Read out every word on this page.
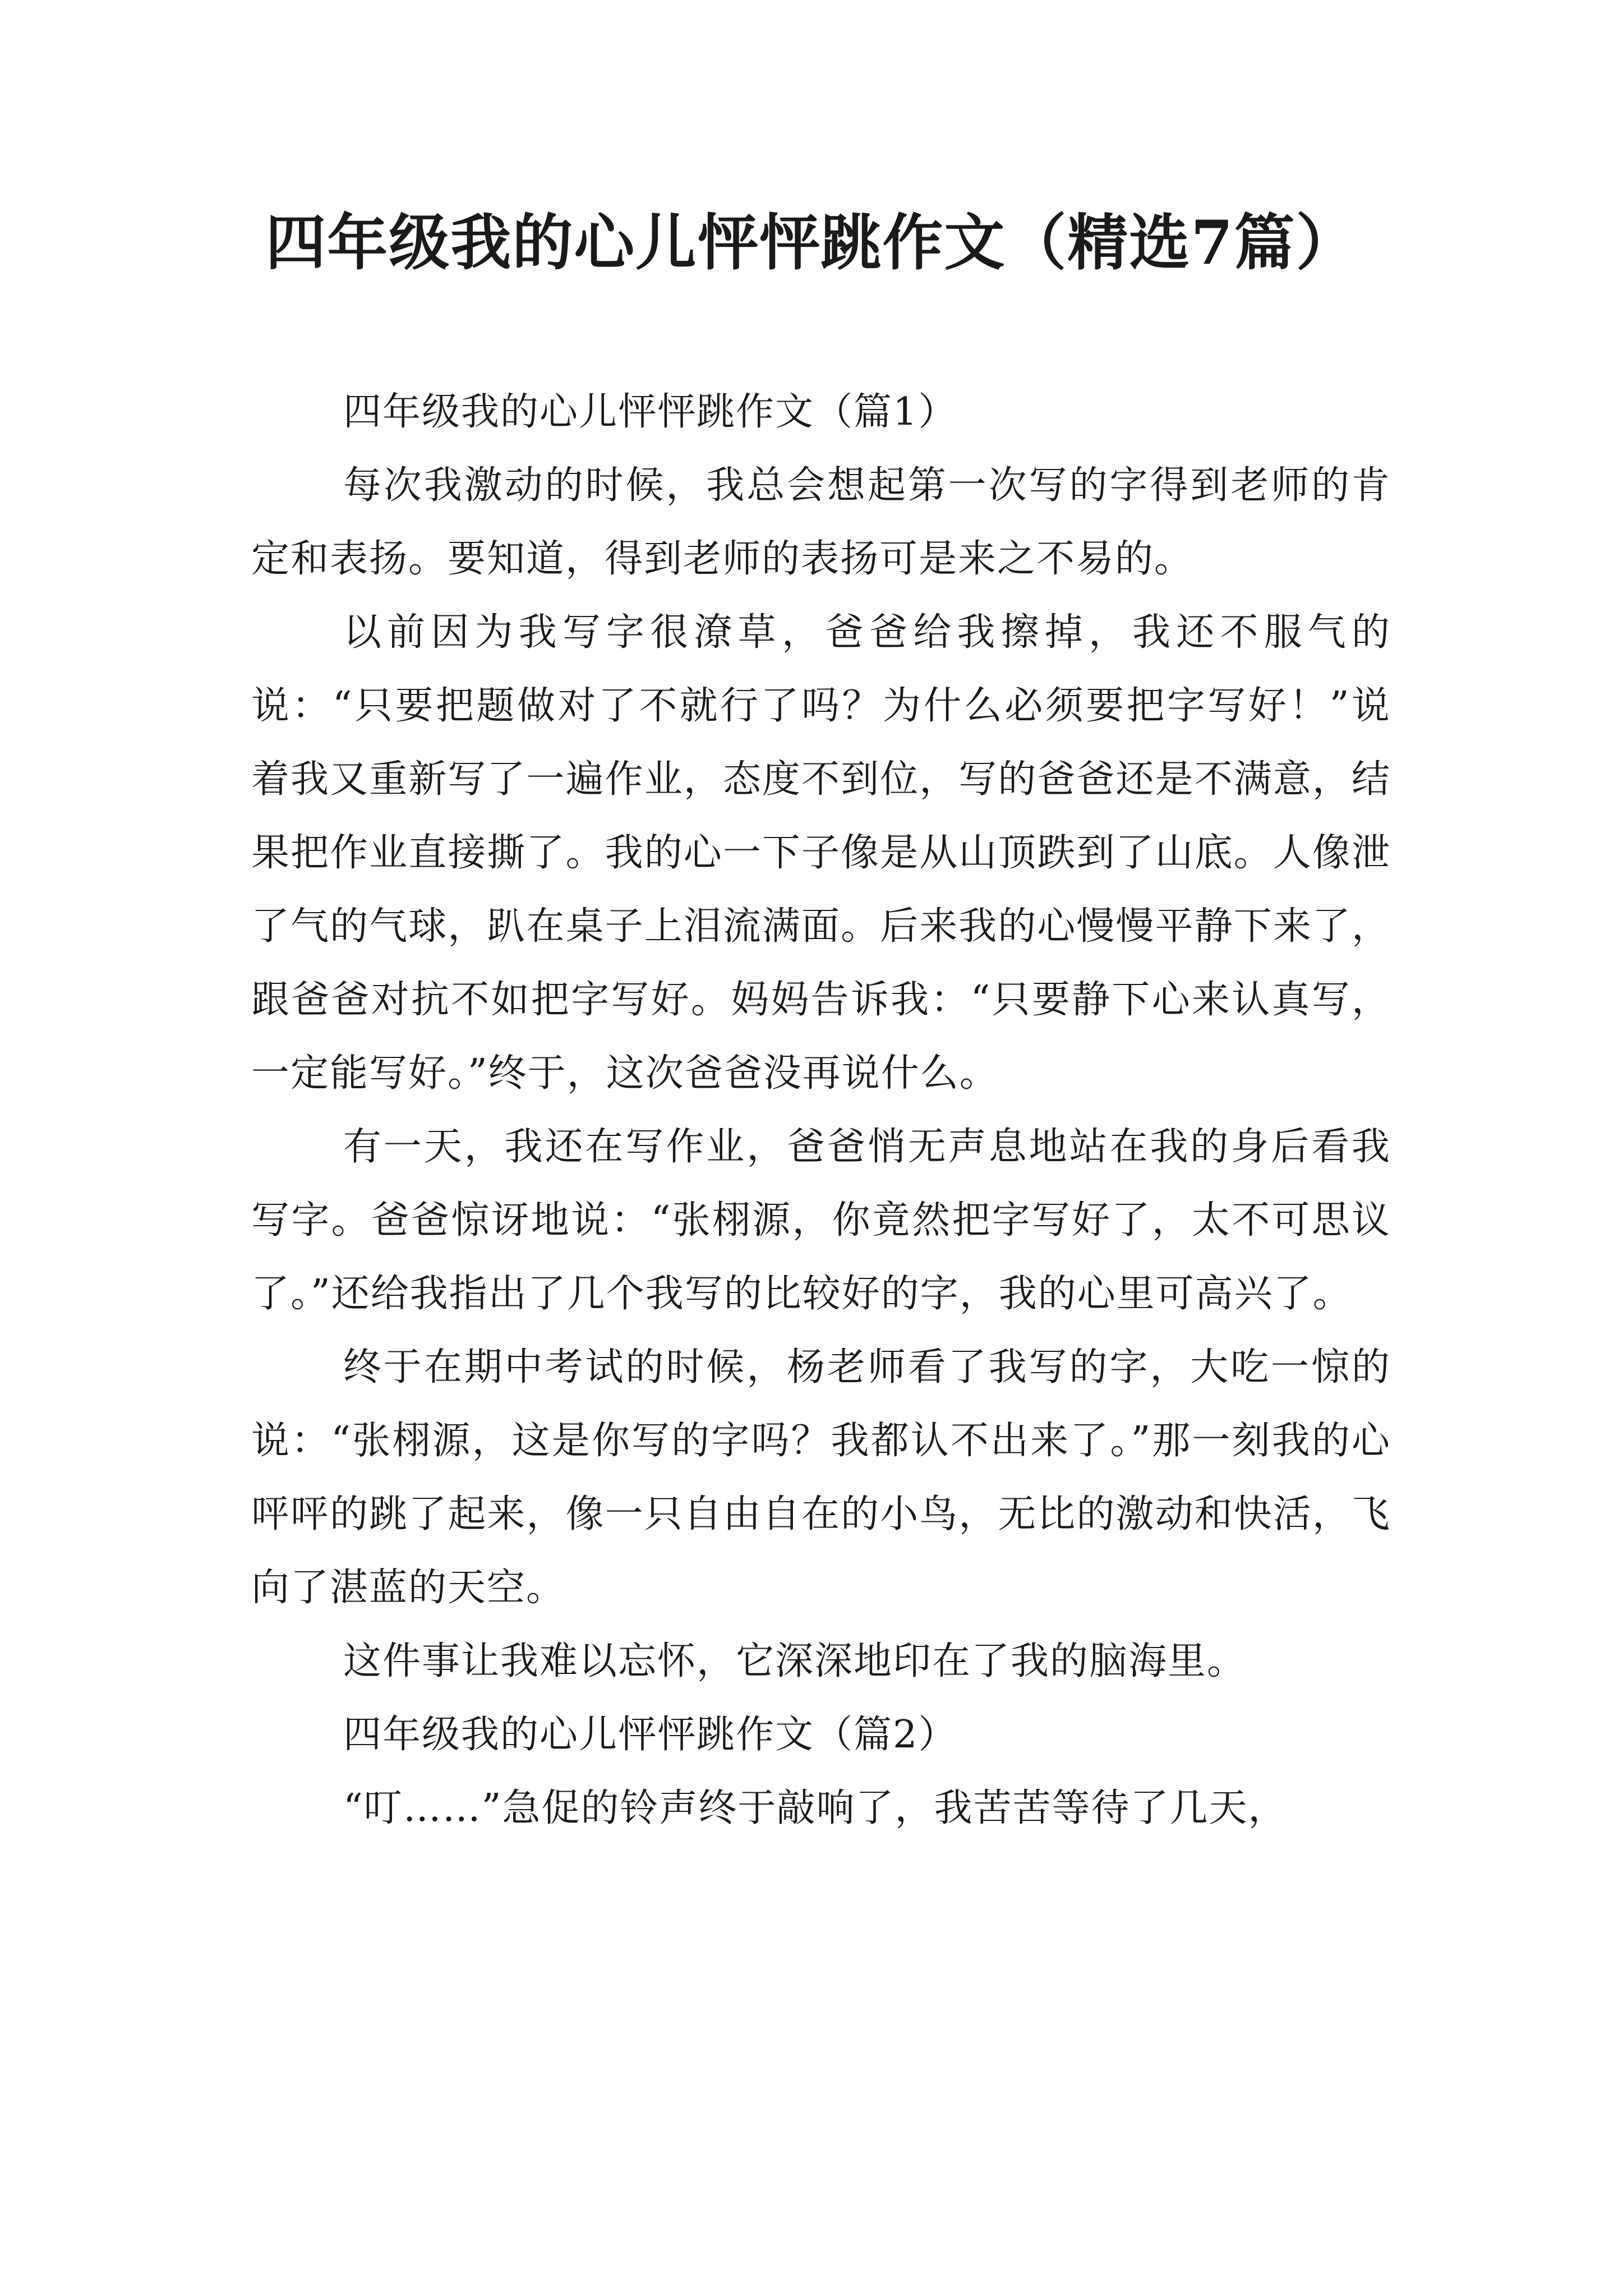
四年级我的心儿怦怦跳作文（精选7篇）

四年级我的心儿怦怦跳作文（篇1）

每次我激动的时候，我总会想起第一次写的字得到老师的肯定和表扬。要知道，得到老师的表扬可是来之不易的。

以前因为我写字很潦草，爸爸给我擦掉，我还不服气的说：“只要把题做对了不就行了吗？为什么必须要把字写好！”说着我又重新写了一遍作业，态度不到位，写的爸爸还是不满意，结果把作业直接撕了。我的心一下子像是从山顶跌到了山底。人像泄了气的气球，趴在桌子上泪流满面。后来我的心慢慢平静下来了，跟爸爸对抗不如把字写好。妈妈告诉我：“只要静下心来认真写，一定能写好。”终于，这次爸爸没再说什么。

有一天，我还在写作业，爸爸悄无声息地站在我的身后看我写字。爸爸惊讶地说：“张栩源，你竟然把字写好了，太不可思议了。”还给我指出了几个我写的比较好的字，我的心里可高兴了。

终于在期中考试的时候，杨老师看了我写的字，大吃一惊的说：“张栩源，这是你写的字吗？我都认不出来了。”那一刻我的心呯呯的跳了起来，像一只自由自在的小鸟，无比的激动和快活，飞向了湛蓝的天空。

这件事让我难以忘怀，它深深地印在了我的脑海里。

四年级我的心儿怦怦跳作文（篇2）

“叮……”急促的铃声终于敲响了，我苦苦等待了几天，
